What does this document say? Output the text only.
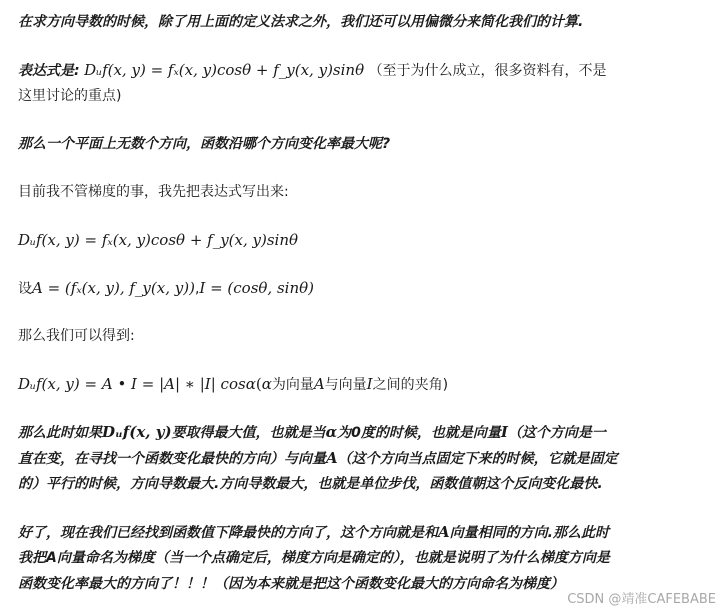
在求方向导数的时候，除了用上面的定义法求之外，我们还可以用偏微分来简化我们的计算.
表达式是: Dᵤf(x, y) = fₓ(x, y)cosθ + f_y(x, y)sinθ （至于为什么成立，很多资料有，不是
这里讨论的重点)
那么一个平面上无数个方向，函数沿哪个方向变化率最大呢?
目前我不管梯度的事，我先把表达式写出来:
Dᵤf(x, y) = fₓ(x, y)cosθ + f_y(x, y)sinθ
设A = (fₓ(x, y), f_y(x, y)),I = (cosθ, sinθ)
那么我们可以得到:
Dᵤf(x, y) = A • I = |A| ∗ |I| cosα(α为向量A与向量I之间的夹角)
那么此时如果Dᵤf(x, y)要取得最大值，也就是当α为0度的时候，也就是向量I（这个方向是一
直在变，在寻找一个函数变化最快的方向）与向量A（这个方向当点固定下来的时候，它就是固定
的）平行的时候，方向导数最大.方向导数最大，也就是单位步伐，函数值朝这个反向变化最快.
好了，现在我们已经找到函数值下降最快的方向了，这个方向就是和A向量相同的方向.那么此时
我把A向量命名为梯度（当一个点确定后，梯度方向是确定的），也就是说明了为什么梯度方向是
函数变化率最大的方向了！！！（因为本来就是把这个函数变化最大的方向命名为梯度）
CSDN @靖准CAFEBABE
